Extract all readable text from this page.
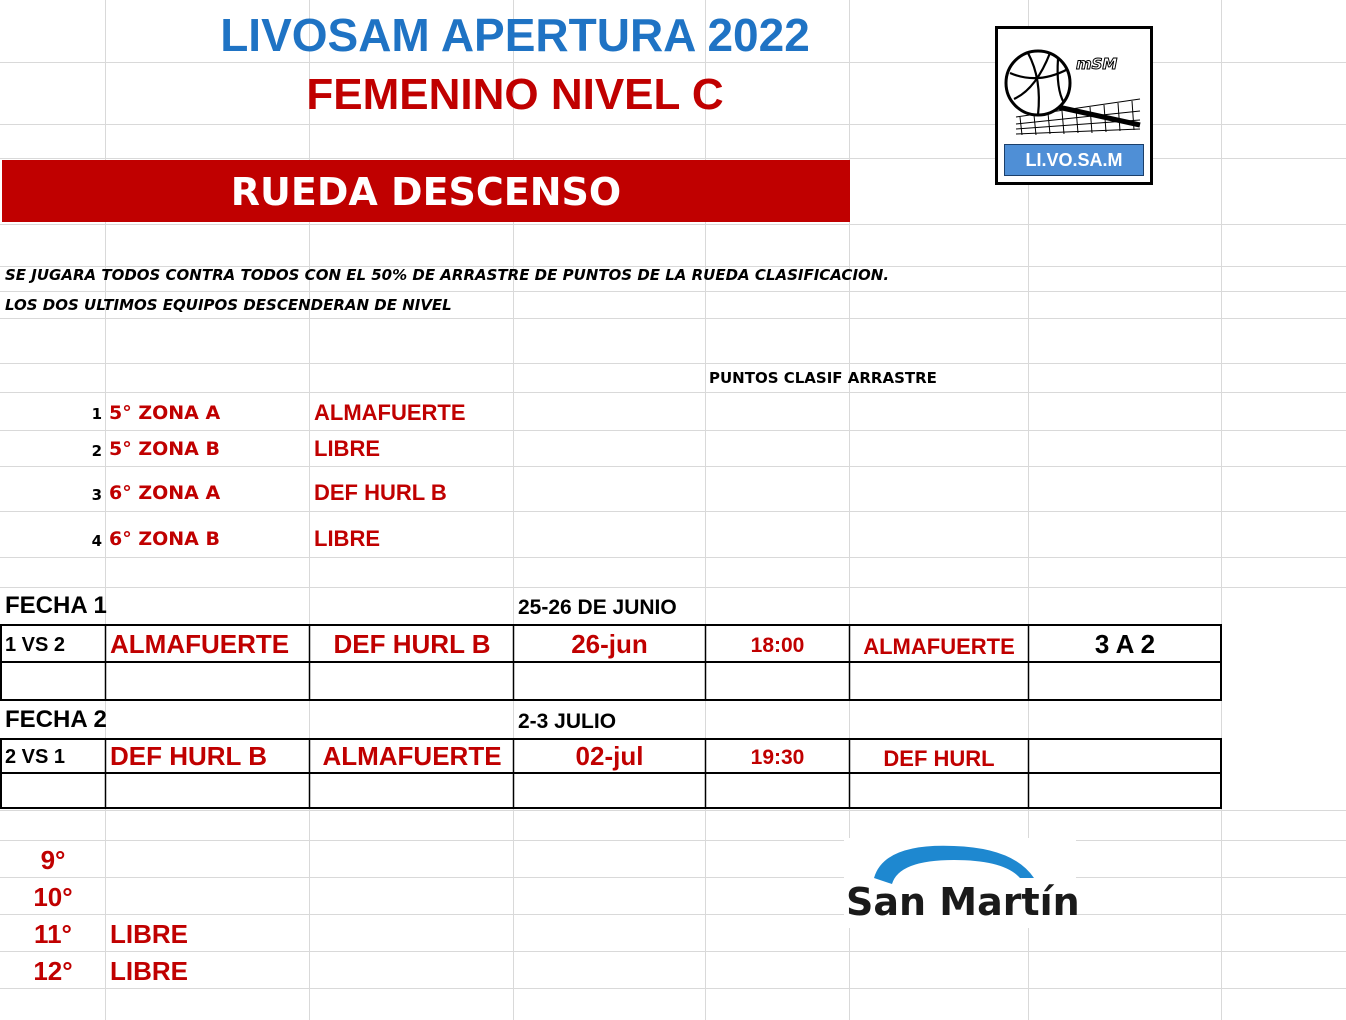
LIVOSAM APERTURA 2022
FEMENINO NIVEL C
RUEDA DESCENSO
mSM
LI.VO.SA.M
SE JUGARA TODOS CONTRA TODOS CON EL 50% DE ARRASTRE DE PUNTOS DE LA RUEDA CLASIFICACION.
LOS DOS ULTIMOS EQUIPOS DESCENDERAN DE NIVEL
PUNTOS CLASIF ARRASTRE
1 5° ZONA A	ALMAFUERTE
2 5° ZONA B	LIBRE
3 6° ZONA A	DEF HURL B
4 6° ZONA B	LIBRE
FECHA 1	25-26 DE JUNIO
1 VS 2 ALMAFUERTE	DEF HURL B	26-jun	18:00	ALMAFUERTE	3 A 2
FECHA 2	2-3 JULIO
2 VS 1 DEF HURL B	ALMAFUERTE	02-jul	19:30	DEF HURL
9°
10°
11°	LIBRE
12°	LIBRE
San Martín
